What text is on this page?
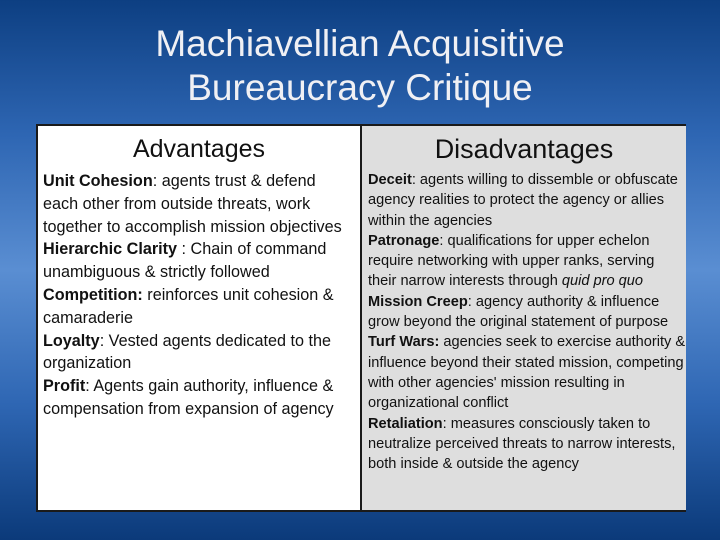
Machiavellian Acquisitive
Bureaucracy Critique
Advantages
Unit Cohesion: agents trust & defend each other from outside threats, work together to accomplish mission objectives
Hierarchic Clarity : Chain of command unambiguous & strictly followed
Competition: reinforces unit cohesion & camaraderie
Loyalty: Vested agents dedicated to the organization
Profit: Agents gain authority, influence & compensation from expansion of agency
Disadvantages
Deceit: agents willing to dissemble or obfuscate agency realities to protect the agency or allies within the agencies
Patronage: qualifications for upper echelon require networking with upper ranks, serving their narrow interests through quid pro quo
Mission Creep: agency authority & influence grow beyond the original statement of purpose
Turf Wars: agencies seek to exercise authority & influence beyond their stated mission, competing with other agencies' mission resulting in organizational conflict
Retaliation: measures consciously taken to neutralize perceived threats to narrow interests, both inside & outside the agency
